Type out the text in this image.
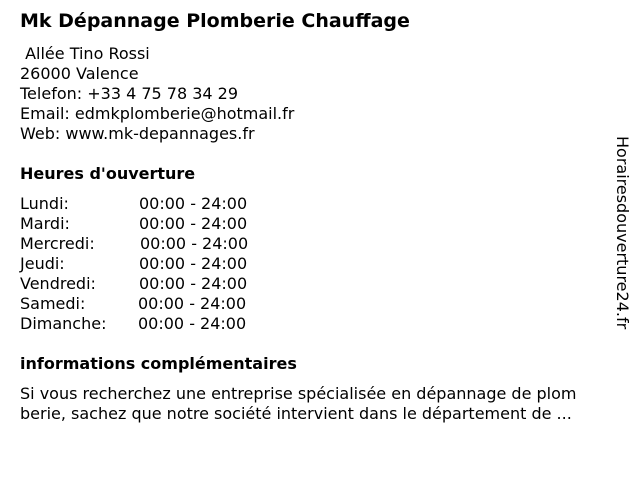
Mk Dépannage Plomberie Chauffage
Allée Tino Rossi
26000 Valence
Telefon: +33 4 75 78 34 29
Email: edmkplomberie@hotmail.fr
Web: www.mk-depannages.fr
Heures d'ouverture
Lundi:	00:00 - 24:00
Mardi:	00:00 - 24:00
Mercredi:	00:00 - 24:00
Jeudi:	00:00 - 24:00
Vendredi:	00:00 - 24:00
Samedi:	00:00 - 24:00
Dimanche: 00:00 - 24:00
informations complémentaires
Si vous recherchez une entreprise spécialisée en dépannage de plom
berie, sachez que notre société intervient dans le département de ...
Horairesdouverture24.fr
